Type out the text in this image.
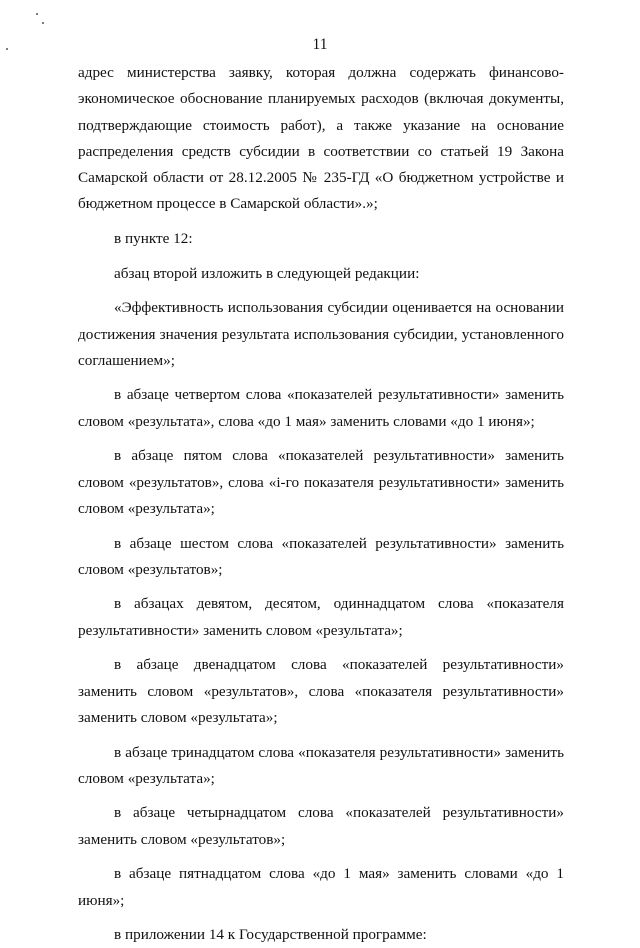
11

адрес министерства заявку, которая должна содержать финансово-экономическое обоснование планируемых расходов (включая документы, подтверждающие стоимость работ), а также указание на основание распределения средств субсидии в соответствии со статьей 19 Закона Самарской области от 28.12.2005 № 235-ГД «О бюджетном устройстве и бюджетном процессе в Самарской области».»;

в пункте 12:

абзац второй изложить в следующей редакции:

«Эффективность использования субсидии оценивается на основании достижения значения результата использования субсидии, установленного соглашением»;

в абзаце четвертом слова «показателей результативности» заменить словом «результата», слова «до 1 мая» заменить словами «до 1 июня»;

в абзаце пятом слова «показателей результативности» заменить словом «результатов», слова «i-го показателя результативности» заменить словом «результата»;

в абзаце шестом слова «показателей результативности» заменить словом «результатов»;

в абзацах девятом, десятом, одиннадцатом слова «показателя результативности» заменить словом «результата»;

в абзаце двенадцатом слова «показателей результативности» заменить словом «результатов», слова «показателя результативности» заменить словом «результата»;

в абзаце тринадцатом слова «показателя результативности» заменить словом «результата»;

в абзаце четырнадцатом слова «показателей результативности» заменить словом «результатов»;

в абзаце пятнадцатом слова «до 1 мая» заменить словами «до 1 июня»;

в приложении 14 к Государственной программе:
